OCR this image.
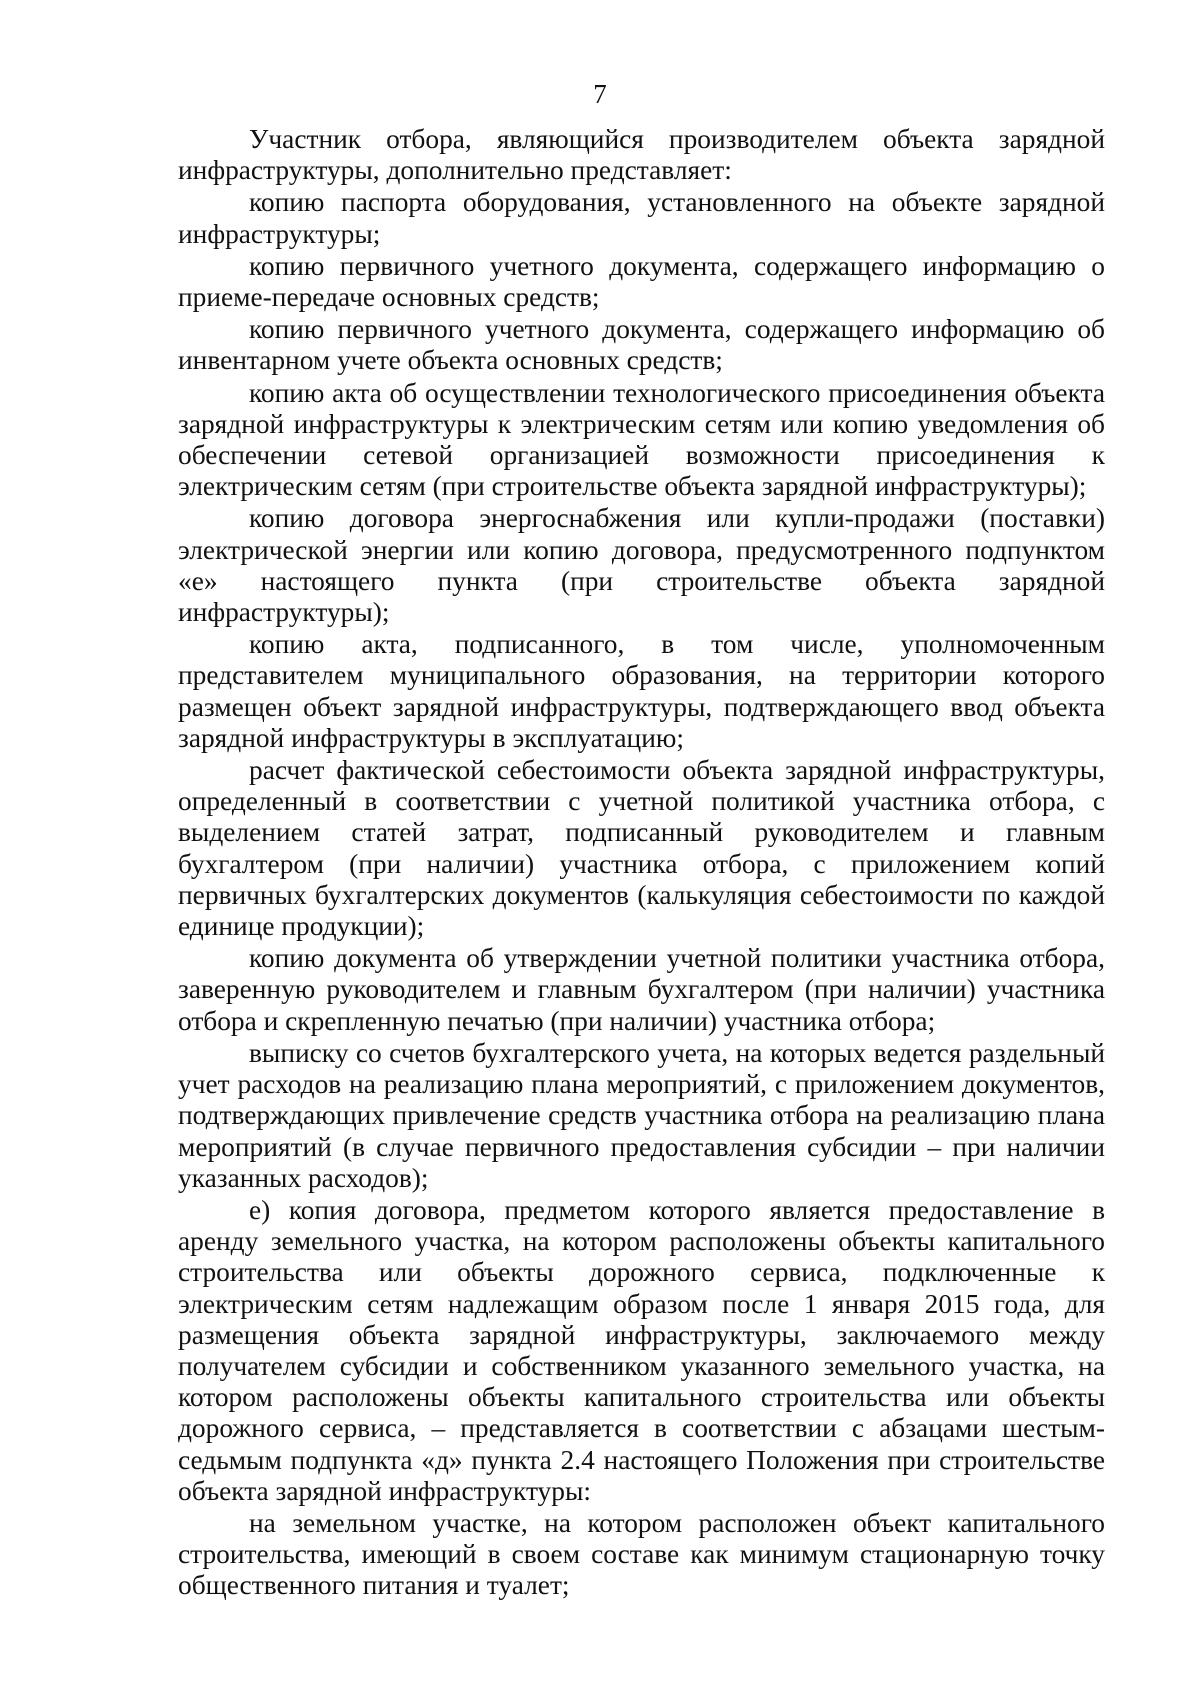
7

Участник отбора, являющийся производителем объекта зарядной инфраструктуры, дополнительно представляет:

копию паспорта оборудования, установленного на объекте зарядной инфраструктуры;

копию первичного учетного документа, содержащего информацию о приеме-передаче основных средств;

копию первичного учетного документа, содержащего информацию об инвентарном учете объекта основных средств;

копию акта об осуществлении технологического присоединения объекта зарядной инфраструктуры к электрическим сетям или копию уведомления об обеспечении сетевой организацией возможности присоединения к электрическим сетям (при строительстве объекта зарядной инфраструктуры);

копию договора энергоснабжения или купли-продажи (поставки) электрической энергии или копию договора, предусмотренного подпунктом «е» настоящего пункта (при строительстве объекта зарядной инфраструктуры);

копию акта, подписанного, в том числе, уполномоченным представителем муниципального образования, на территории которого размещен объект зарядной инфраструктуры, подтверждающего ввод объекта зарядной инфраструктуры в эксплуатацию;

расчет фактической себестоимости объекта зарядной инфраструктуры, определенный в соответствии с учетной политикой участника отбора, с выделением статей затрат, подписанный руководителем и главным бухгалтером (при наличии) участника отбора, с приложением копий первичных бухгалтерских документов (калькуляция себестоимости по каждой единице продукции);

копию документа об утверждении учетной политики участника отбора, заверенную руководителем и главным бухгалтером (при наличии) участника отбора и скрепленную печатью (при наличии) участника отбора;

выписку со счетов бухгалтерского учета, на которых ведется раздельный учет расходов на реализацию плана мероприятий, с приложением документов, подтверждающих привлечение средств участника отбора на реализацию плана мероприятий (в случае первичного предоставления субсидии – при наличии указанных расходов);

е) копия договора, предметом которого является предоставление в аренду земельного участка, на котором расположены объекты капитального строительства или объекты дорожного сервиса, подключенные к электрическим сетям надлежащим образом после 1 января 2015 года, для размещения объекта зарядной инфраструктуры, заключаемого между получателем субсидии и собственником указанного земельного участка, на котором расположены объекты капитального строительства или объекты дорожного сервиса, – представляется в соответствии с абзацами шестым-седьмым подпункта «д» пункта 2.4 настоящего Положения при строительстве объекта зарядной инфраструктуры:

на земельном участке, на котором расположен объект капитального строительства, имеющий в своем составе как минимум стационарную точку общественного питания и туалет;
